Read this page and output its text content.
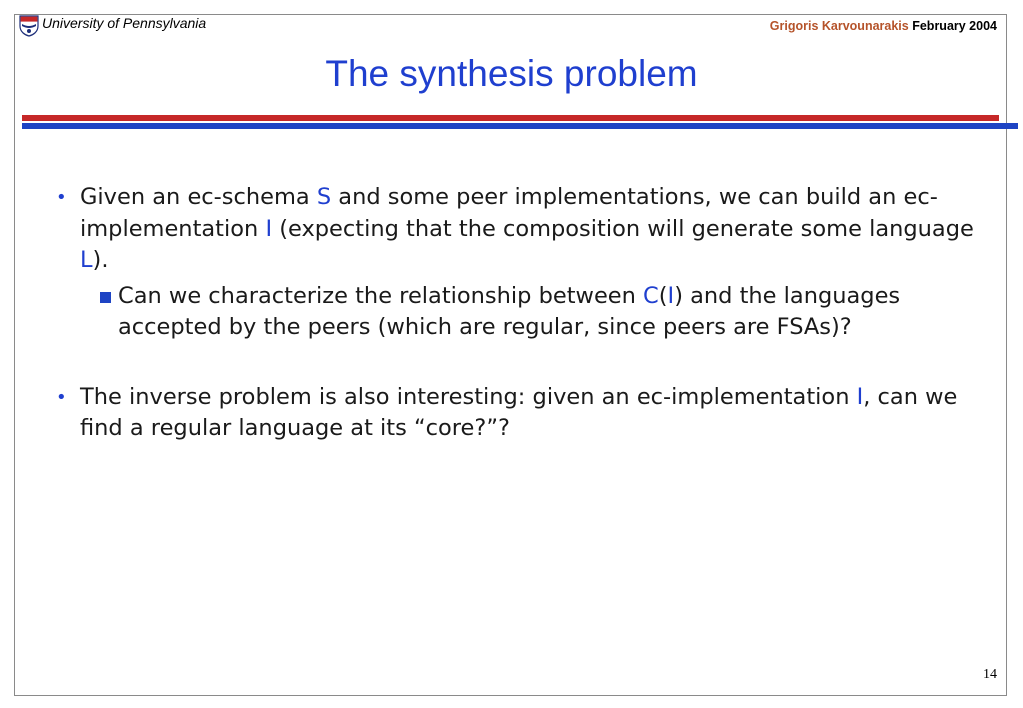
University of Pennsylvania	Grigoris Karvounarakis February 2004
The synthesis problem
• Given an ec-schema S and some peer implementations, we can build an ec-implementation I (expecting that the composition will generate some language L).
Can we characterize the relationship between C(I) and the languages accepted by the peers (which are regular, since peers are FSAs)?
• The inverse problem is also interesting: given an ec-implementation I, can we find a regular language at its “core?”?
14
